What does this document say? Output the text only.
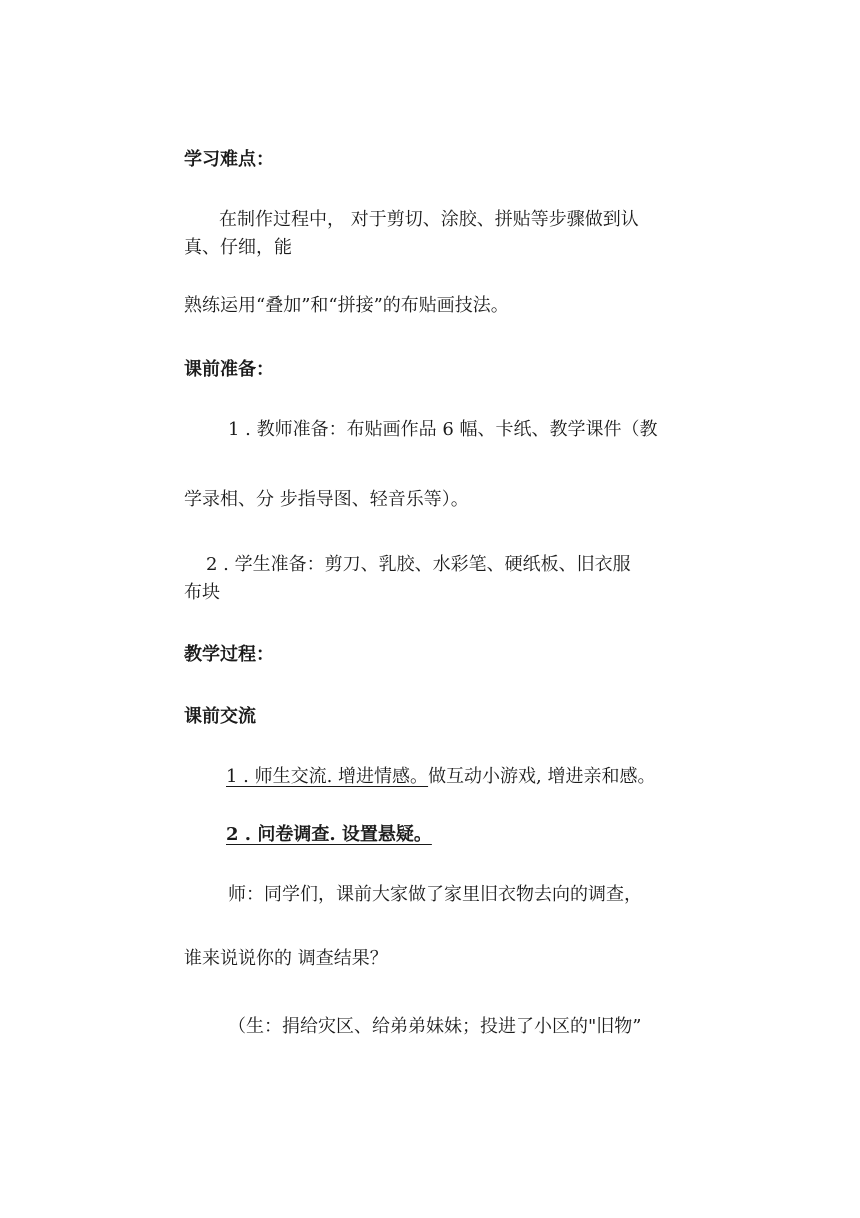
学习难点：
在制作过程中， 对于剪切、涂胶、拼贴等步骤做到认
真、仔细，能
熟练运用“叠加”和“拼接”的布贴画技法。
课前准备：
1 . 教师准备：布贴画作品 6 幅、卡纸、教学课件（教
学录相、分 步指导图、轻音乐等）。
2 . 学生准备：剪刀、乳胶、水彩笔、硬纸板、旧衣服
布块
教学过程：
课前交流
1 . 师生交流. 增进情感。做互动小游戏, 增进亲和感。
2 . 问卷调查. 设置悬疑。
师：同学们，课前大家做了家里旧衣物去向的调查，
谁来说说你的 调查结果？
（生：捐给灾区、给弟弟妹妹；投进了小区的"旧物”
